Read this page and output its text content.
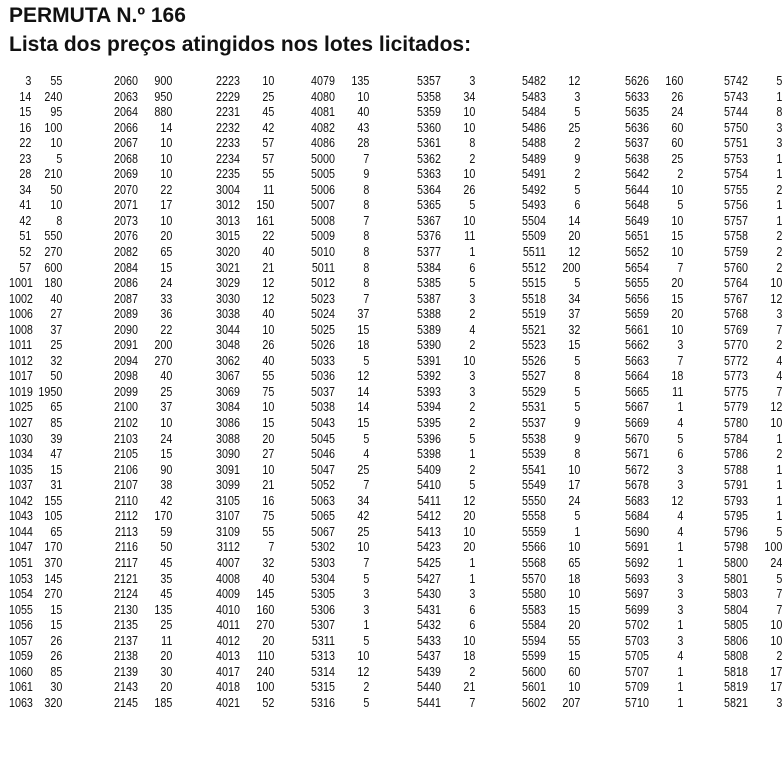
PERMUTA N.º 166
Lista dos preços atingidos nos lotes licitados:
3	55
14	240
15	95
16	100
22	10
23	5
28	210
34	50
41	10
42	8
51	550
52	270
57	600
1001 180
1002	40
1006	27
1008	37
1011	25
1012	32
1017	50
1019 1950
1025	65
1027	85
1030	39
1034	47
1035	15
1037	31
1042 155
1043 105
1044	65
1047 170
1051 370
1053 145
1054 270
1055	15
1056	15
1057	26
1059	26
1060	85
1061	30
1063 320
2060	900
2063	950
2064	880
2066	14
2067	10
2068	10
2069	10
2070	22
2071	17
2073	10
2076	20
2082	65
2084	15
2086	24
2087	33
2089	36
2090	22
2091	200
2094	270
2098	40
2099	25
2100	37
2102	10
2103	24
2105	15
2106	90
2107	38
2110	42
2112	170
2113	59
2116	50
2117	45
2121	35
2124	45
2130	135
2135	25
2137	11
2138	20
2139	30
2143	20
2145	185
2223	10
2229	25
2231	45
2232	42
2233	57
2234	57
2235	55
3004	11
3012	150
3013	161
3015	22
3020	40
3021	21
3029	12
3030	12
3038	40
3044	10
3048	26
3062	40
3067	55
3069	75
3084	10
3086	15
3088	20
3090	27
3091	10
3099	21
3105	16
3107	75
3109	55
3112	7
4007	32
4008	40
4009	145
4010	160
4011	270
4012	20
4013	110
4017	240
4018	100
4021	52
4079	135
4080	10
4081	40
4082	43
4086	28
5000	7
5005	9
5006	8
5007	8
5008	7
5009	8
5010	8
5011	8
5012	8
5023	7
5024	37
5025	15
5026	18
5033	5
5036	12
5037	14
5038	14
5043	15
5045	5
5046	4
5047	25
5052	7
5063	34
5065	42
5067	25
5302	10
5303	7
5304	5
5305	3
5306	3
5307	1
5311	5
5313	10
5314	12
5315	2
5316	5
5357	3
5358	34
5359	10
5360	10
5361	8
5362	2
5363	10
5364	26
5365	5
5367	10
5376	11
5377	1
5384	6
5385	5
5387	3
5388	2
5389	4
5390	2
5391	10
5392	3
5393	3
5394	2
5395	2
5396	5
5398	1
5409	2
5410	5
5411	12
5412	20
5413	10
5423	20
5425	1
5427	1
5430	3
5431	6
5432	6
5433	10
5437	18
5439	2
5440	21
5441	7
5482	12
5483	3
5484	5
5486	25
5488	2
5489	9
5491	2
5492	5
5493	6
5504	14
5509	20
5511	12
5512	200
5515	5
5518	34
5519	37
5521	32
5523	15
5526	5
5527	8
5529	5
5531	5
5537	9
5538	9
5539	8
5541	10
5549	17
5550	24
5558	5
5559	1
5566	10
5568	65
5570	18
5580	10
5583	15
5584	20
5594	55
5599	15
5600	60
5601	10
5602	207
5626	160
5633	26
5635	24
5636	60
5637	60
5638	25
5642	2
5644	10
5648	5
5649	10
5651	15
5652	10
5654	7
5655	20
5656	15
5659	20
5661	10
5662	3
5663	7
5664	18
5665	11
5667	1
5669	4
5670	5
5671	6
5672	3
5678	3
5683	12
5684	4
5690	4
5691	1
5692	1
5693	3
5697	3
5699	3
5702	1
5703	3
5705	4
5707	1
5709	1
5710	1
5742	5
5743	1
5744	8
5750	3
5751	3
5753	1
5754	1
5755	2
5756	1
5757	1
5758	2
5759	2
5760	2
5764	10
5767	12
5768	3
5769	7
5770	2
5772	4
5773	4
5775	7
5779	12
5780	10
5784	1
5786	2
5788	1
5791	1
5793	1
5795	1
5796	5
5798	100
5800	24
5801	5
5803	7
5804	7
5805	10
5806	10
5808	2
5818	17
5819	17
5821	3
